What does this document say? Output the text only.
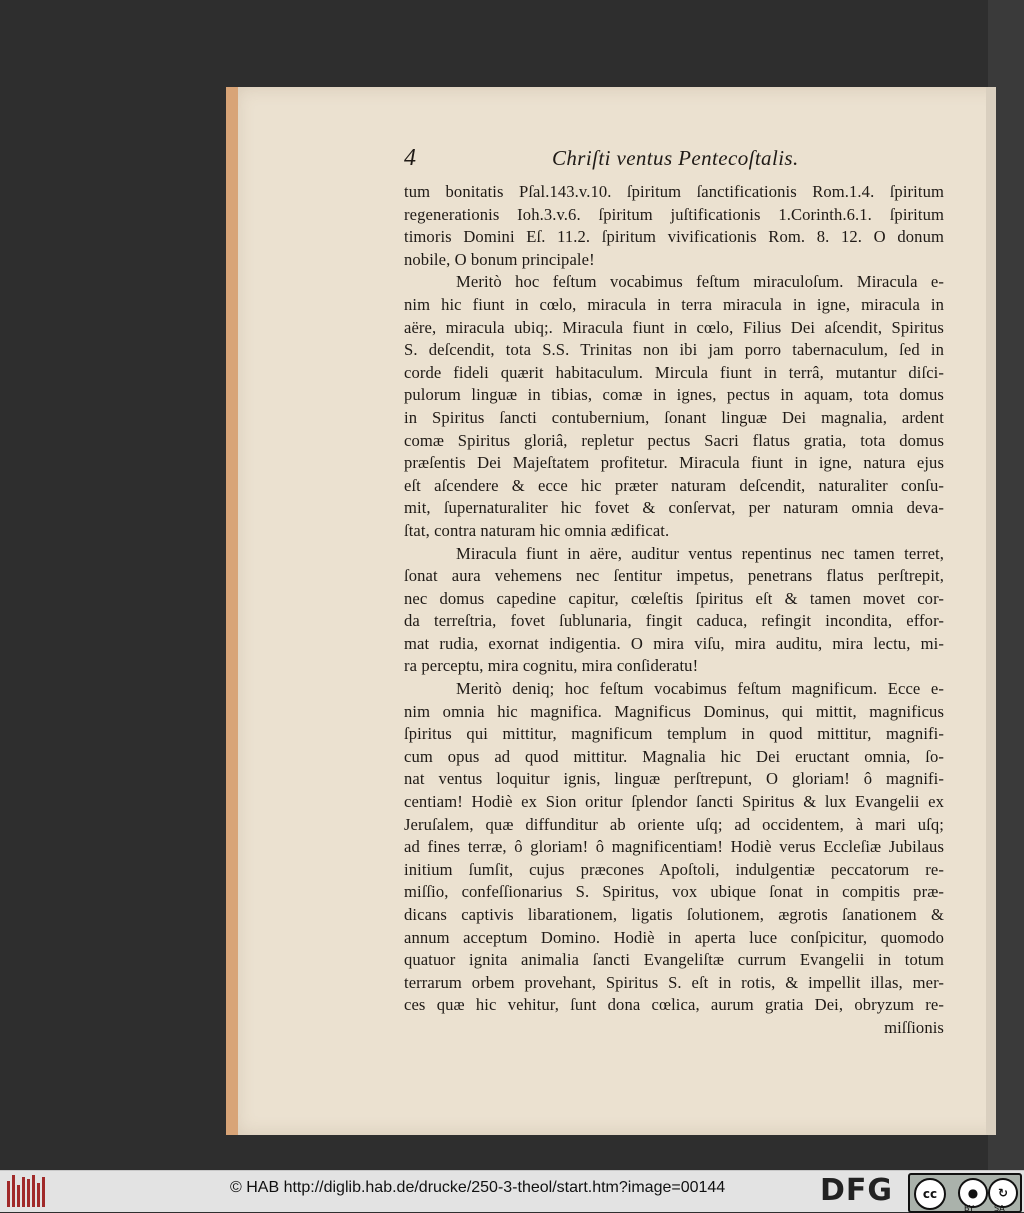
4	Chriſti ventus Pentecoſtalis.
tum bonitatis Pſal.143.v.10. ſpiritum ſanctificationis Rom.1.4. ſpiritum
regenerationis Ioh.3.v.6. ſpiritum juſtificationis 1.Corinth.6.1. ſpiritum
timoris Domini Eſ. 11.2. ſpiritum vivificationis Rom. 8. 12. O donum
nobile, O bonum principale!
Meritò hoc feſtum vocabimus feſtum miraculoſum. Miracula e-
nim hic fiunt in cœlo, miracula in terra miracula in igne, miracula in
aëre, miracula ubiq;. Miracula fiunt in cœlo, Filius Dei aſcendit, Spiritus
S. deſcendit, tota S.S. Trinitas non ibi jam porro tabernaculum, ſed in
corde fideli quærit habitaculum. Mircula fiunt in terrâ, mutantur diſci-
pulorum linguæ in tibias, comæ in ignes, pectus in aquam, tota domus
in Spiritus ſancti contubernium, ſonant linguæ Dei magnalia, ardent
comæ Spiritus gloriâ, repletur pectus Sacri flatus gratia, tota domus
præſentis Dei Majeſtatem profitetur. Miracula fiunt in igne, natura ejus
eſt aſcendere & ecce hic præter naturam deſcendit, naturaliter conſu-
mit, ſupernaturaliter hic fovet & conſervat, per naturam omnia deva-
ſtat, contra naturam hic omnia ædificat.
Miracula fiunt in aëre, auditur ventus repentinus nec tamen terret,
ſonat aura vehemens nec ſentitur impetus, penetrans flatus perſtrepit,
nec domus capedine capitur, cœleſtis ſpiritus eſt & tamen movet cor-
da terreſtria, fovet ſublunaria, fingit caduca, refingit incondita, effor-
mat rudia, exornat indigentia. O mira viſu, mira auditu, mira lectu, mi-
ra perceptu, mira cognitu, mira conſideratu!
Meritò deniq; hoc feſtum vocabimus feſtum magnificum. Ecce e-
nim omnia hic magnifica. Magnificus Dominus, qui mittit, magnificus
ſpiritus qui mittitur, magnificum templum in quod mittitur, magnifi-
cum opus ad quod mittitur. Magnalia hic Dei eructant omnia, ſo-
nat ventus loquitur ignis, linguæ perſtrepunt, O gloriam! ô magnifi-
centiam! Hodiè ex Sion oritur ſplendor ſancti Spiritus & lux Evangelii ex
Jeruſalem, quæ diffunditur ab oriente uſq; ad occidentem, à mari uſq;
ad fines terræ, ô gloriam! ô magnificentiam! Hodiè verus Eccleſiæ Jubilaus
initium ſumſit, cujus præcones Apoſtoli, indulgentiæ peccatorum re-
miſſio, confeſſionarius S. Spiritus, vox ubique ſonat in compitis præ-
dicans captivis libarationem, ligatis ſolutionem, ægrotis ſanationem &
annum acceptum Domino. Hodiè in aperta luce conſpicitur, quomodo
quatuor ignita animalia ſancti Evangeliſtæ currum Evangelii in totum
terrarum orbem provehant, Spiritus S. eſt in rotis, & impellit illas, mer-
ces quæ hic vehitur, ſunt dona cœlica, aurum gratia Dei, obryzum re-
miſſionis
© HAB http://diglib.hab.de/drucke/250-3-theol/start.htm?image=00144	DFG	cc	●	↻
BY	SA
